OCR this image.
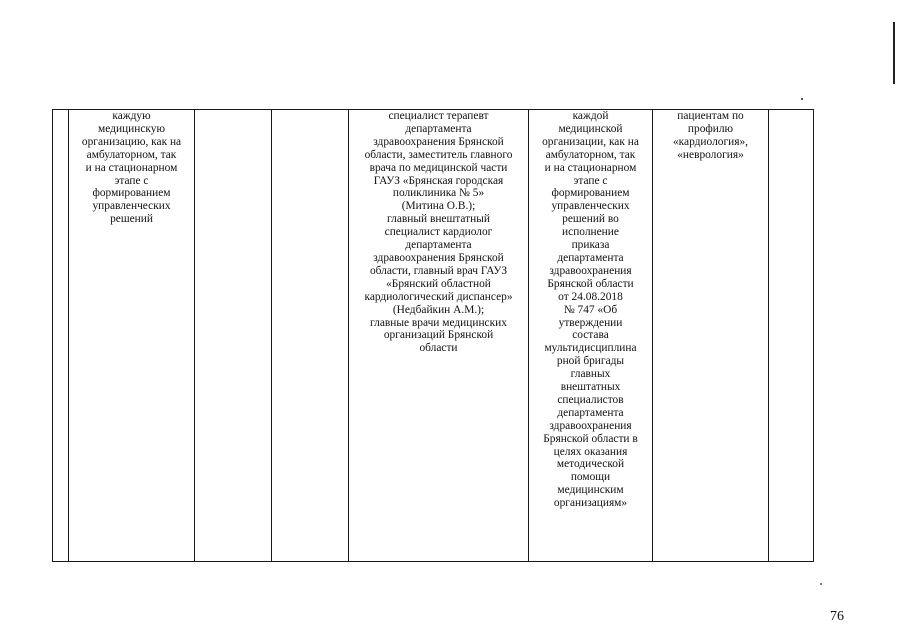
каждую
медицинскую
организацию, как на
амбулаторном, так
и на стационарном
этапе с
формированием
управленческих
решений

специалист терапевт
департамента
здравоохранения Брянской
области, заместитель главного
врача по медицинской части
ГАУЗ «Брянская городская
поликлиника № 5»
(Митина О.В.);
главный внештатный
специалист кардиолог
департамента
здравоохранения Брянской
области, главный врач ГАУЗ
«Брянский областной
кардиологический диспансер»
(Недбайкин А.М.);
главные врачи медицинских
организаций Брянской
области

каждой
медицинской
организации, как на
амбулаторном, так
и на стационарном
этапе с
формированием
управленческих
решений во
исполнение
приказа
департамента
здравоохранения
Брянской области
от 24.08.2018
№ 747 «Об
утверждении
состава
мультидисциплина
рной бригады
главных
внештатных
специалистов
департамента
здравоохранения
Брянской области в
целях оказания
методической
помощи
медицинским
организациям»

пациентам по
профилю
«кардиология»,
«неврология»

76
